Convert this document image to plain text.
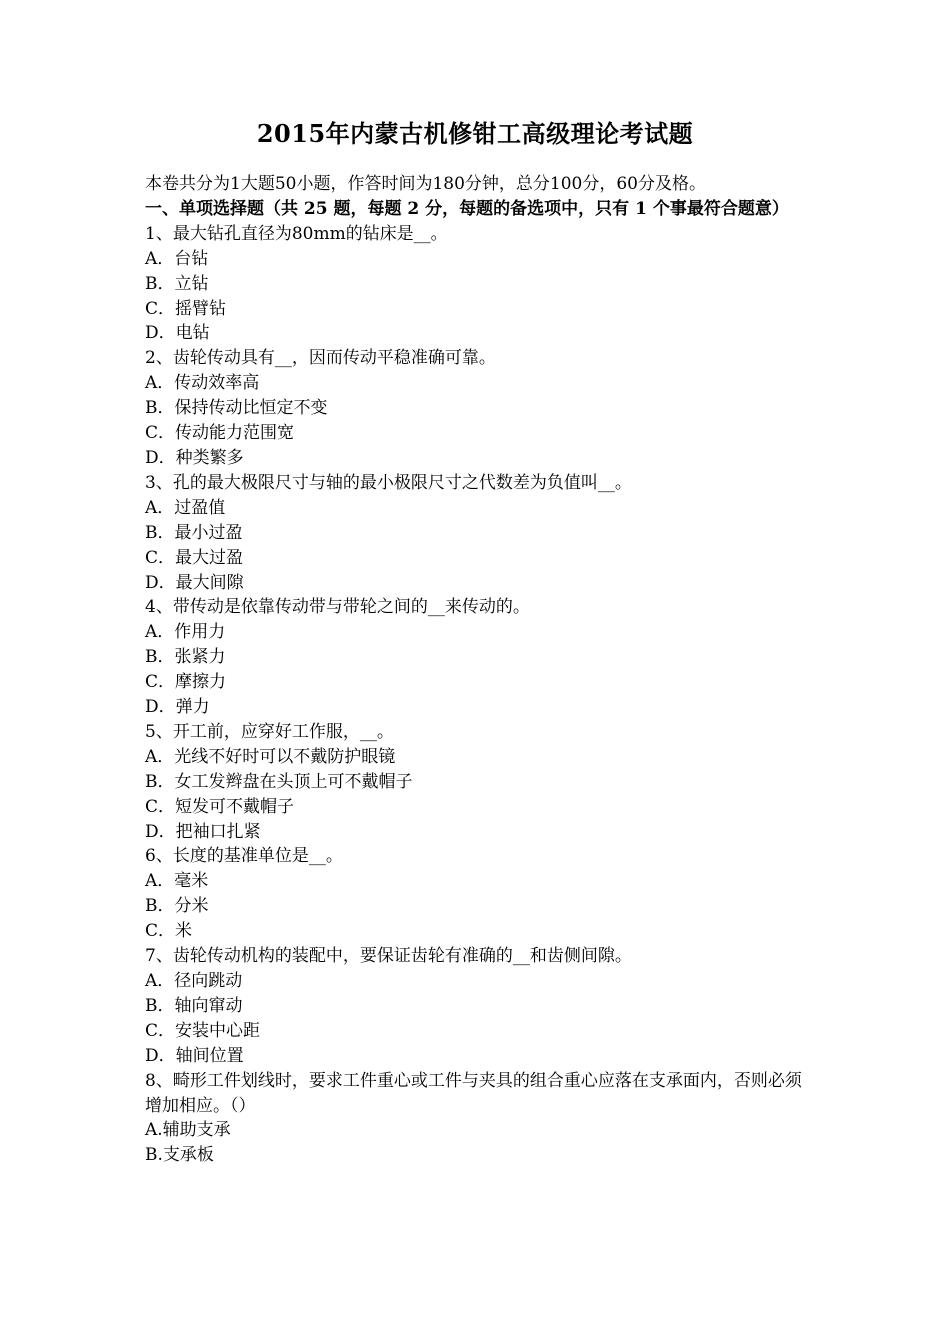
2015年内蒙古机修钳工高级理论考试题
本卷共分为1大题50小题，作答时间为180分钟，总分100分，60分及格。
一、单项选择题（共 25 题，每题 2 分，每题的备选项中，只有 1 个事最符合题意）
1、最大钻孔直径为80mm的钻床是__。
A．台钻
B．立钻
C．摇臂钻
D．电钻
2、齿轮传动具有__，因而传动平稳准确可靠。
A．传动效率高
B．保持传动比恒定不变
C．传动能力范围宽
D．种类繁多
3、孔的最大极限尺寸与轴的最小极限尺寸之代数差为负值叫__。
A．过盈值
B．最小过盈
C．最大过盈
D．最大间隙
4、带传动是依靠传动带与带轮之间的__来传动的。
A．作用力
B．张紧力
C．摩擦力
D．弹力
5、开工前，应穿好工作服，__。
A．光线不好时可以不戴防护眼镜
B．女工发辫盘在头顶上可不戴帽子
C．短发可不戴帽子
D．把袖口扎紧
6、长度的基准单位是__。
A．毫米
B．分米
C．米
7、齿轮传动机构的装配中，要保证齿轮有准确的__和齿侧间隙。
A．径向跳动
B．轴向窜动
C．安装中心距
D．轴间位置
8、畸形工件划线时，要求工件重心或工件与夹具的组合重心应落在支承面内，否则必须增加相应。（）
A.辅助支承
B.支承板
